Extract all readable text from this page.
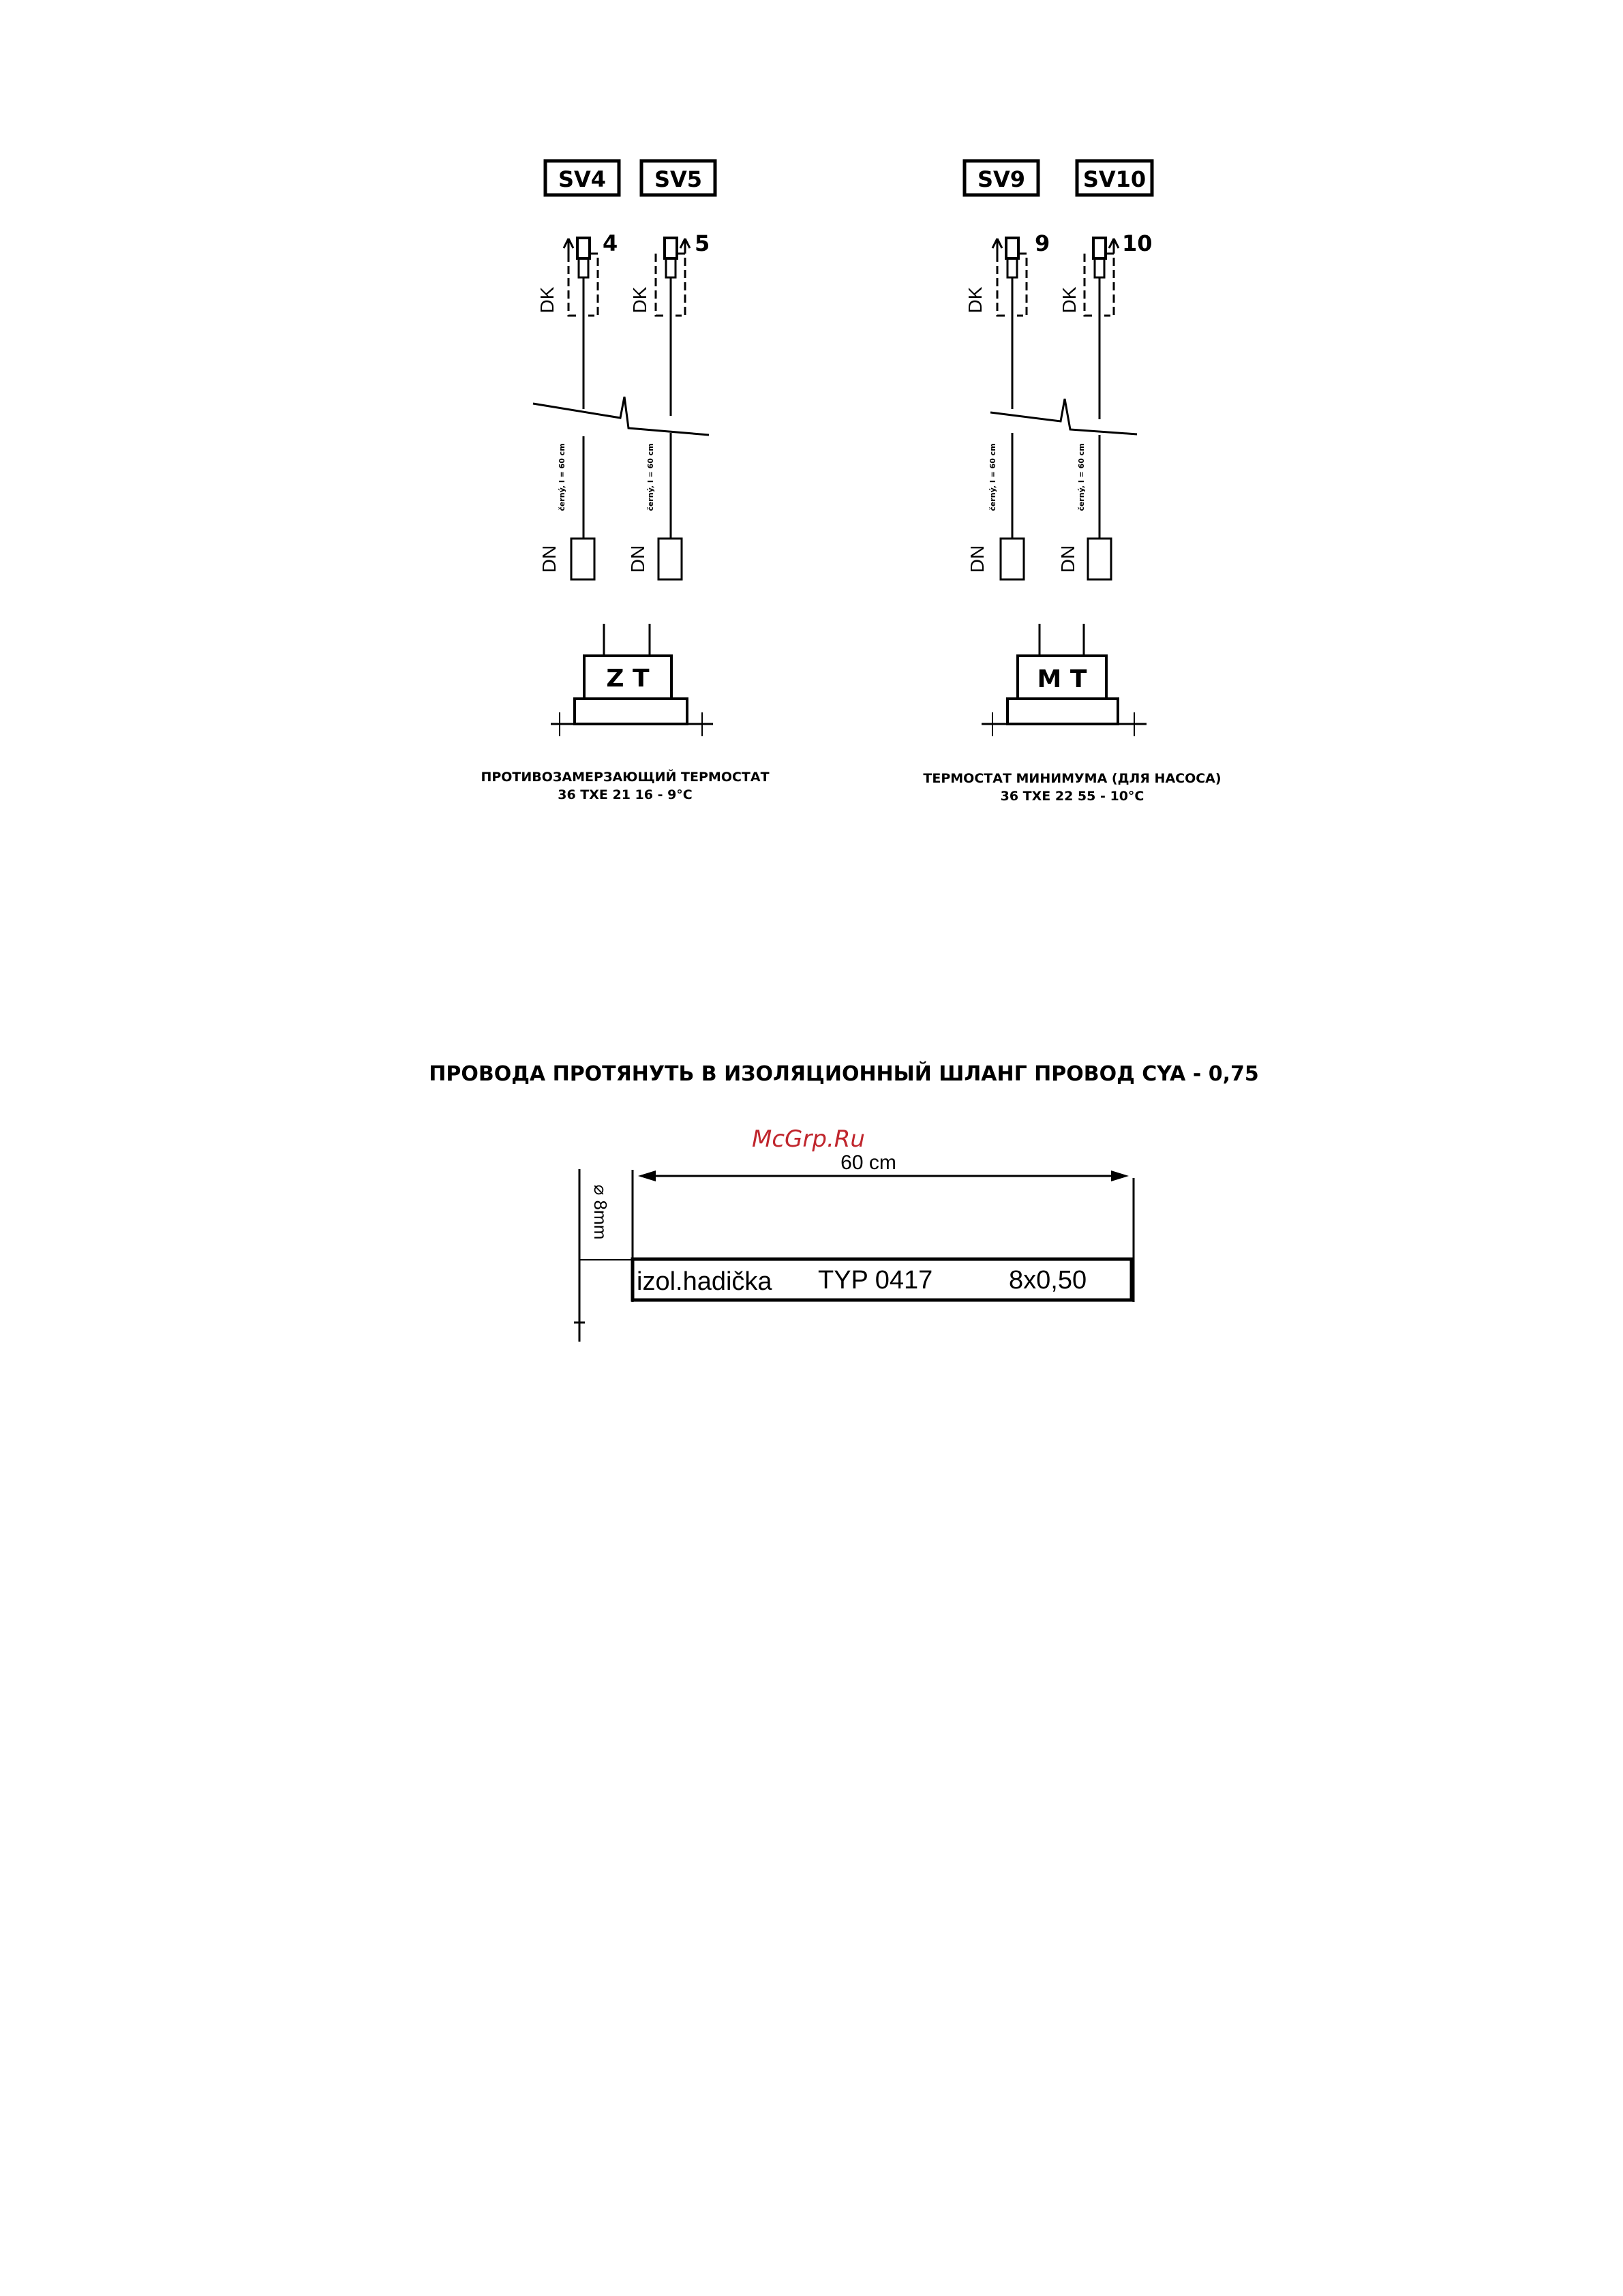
SV4
4
DK
černý, l = 60 cm
DN
SV5
5
DK
černý, l = 60 cm
DN
Z T
ПРОТИВОЗАМЕРЗАЮЩИЙ ТЕРМОСТАТ
36 TXE 21 16 - 9°C
SV9
9
DK
černý, l = 60 cm
DN
SV10
10
DK
černý, l = 60 cm
DN
M T
ТЕРМОСТАТ МИНИМУМА (ДЛЯ НАСОСА)
36 TXE 22 55 - 10°C
ПРОВОДА ПРОТЯНУТЬ В ИЗОЛЯЦИОННЫЙ ШЛАНГ ПРОВОД CYA - 0,75
McGrp.Ru
60 cm
⌀ 8mm
izol.hadička TYP 0417	8x0,50
